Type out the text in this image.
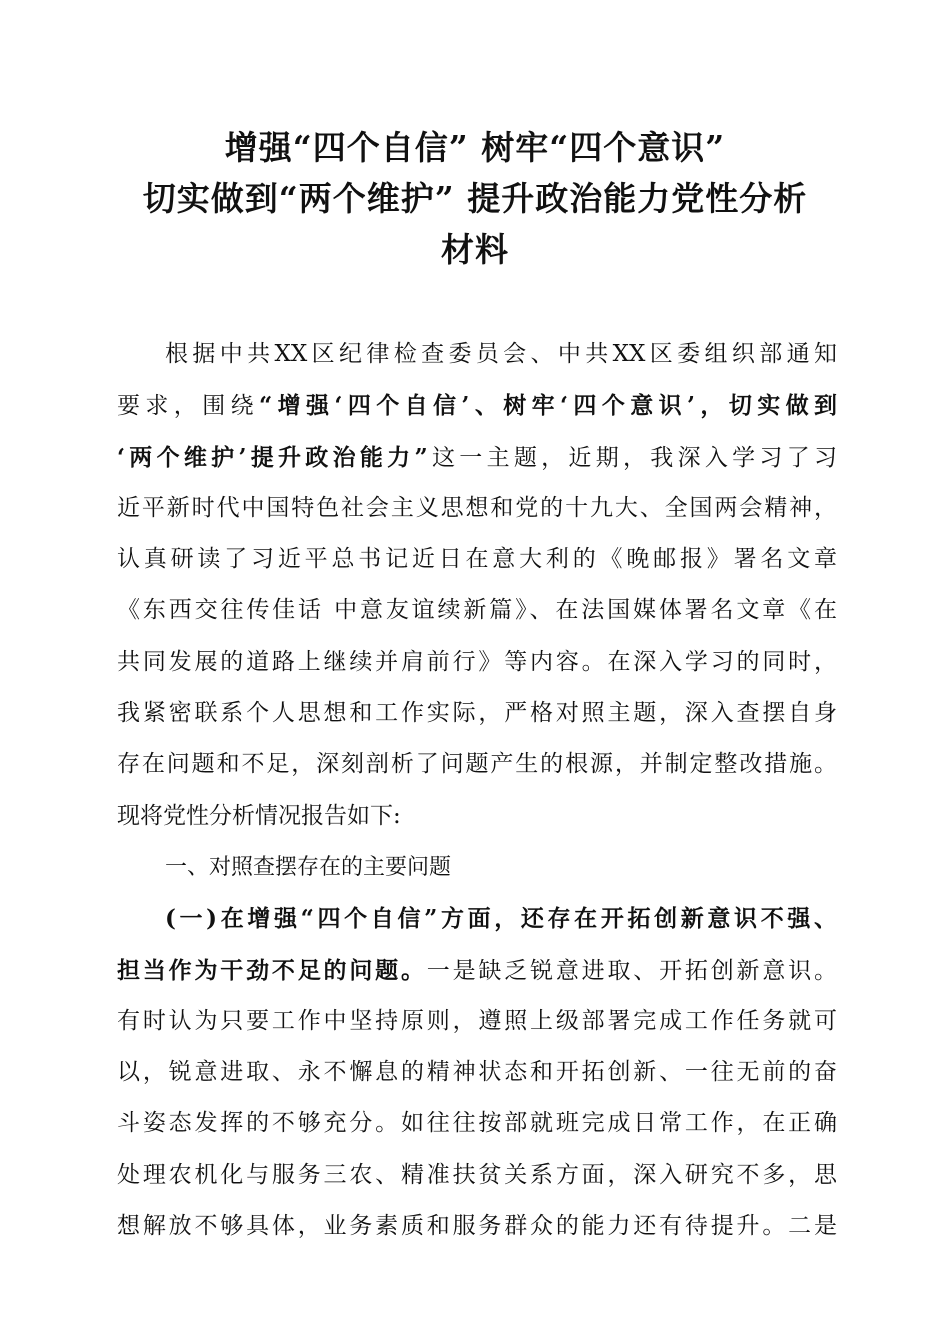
增强“四个自信” 树牢“四个意识”
切实做到“两个维护” 提升政治能力党性分析
材料
根据中共XX区纪律检查委员会、中共XX区委组织部通知
要求，围绕“增强‘四个自信’、树牢‘四个意识’，切实做到
‘两个维护’提升政治能力”这一主题，近期，我深入学习了习
近平新时代中国特色社会主义思想和党的十九大、全国两会精神，
认真研读了习近平总书记近日在意大利的《晚邮报》署名文章
《东西交往传佳话 中意友谊续新篇》、在法国媒体署名文章《在
共同发展的道路上继续并肩前行》等内容。在深入学习的同时，
我紧密联系个人思想和工作实际，严格对照主题，深入查摆自身
存在问题和不足，深刻剖析了问题产生的根源，并制定整改措施。
现将党性分析情况报告如下:
一、对照查摆存在的主要问题
(一)在增强“四个自信”方面，还存在开拓创新意识不强、
担当作为干劲不足的问题。一是缺乏锐意进取、开拓创新意识。
有时认为只要工作中坚持原则，遵照上级部署完成工作任务就可
以，锐意进取、永不懈息的精神状态和开拓创新、一往无前的奋
斗姿态发挥的不够充分。如往往按部就班完成日常工作，在正确
处理农机化与服务三农、精准扶贫关系方面，深入研究不多，思
想解放不够具体，业务素质和服务群众的能力还有待提升。二是
